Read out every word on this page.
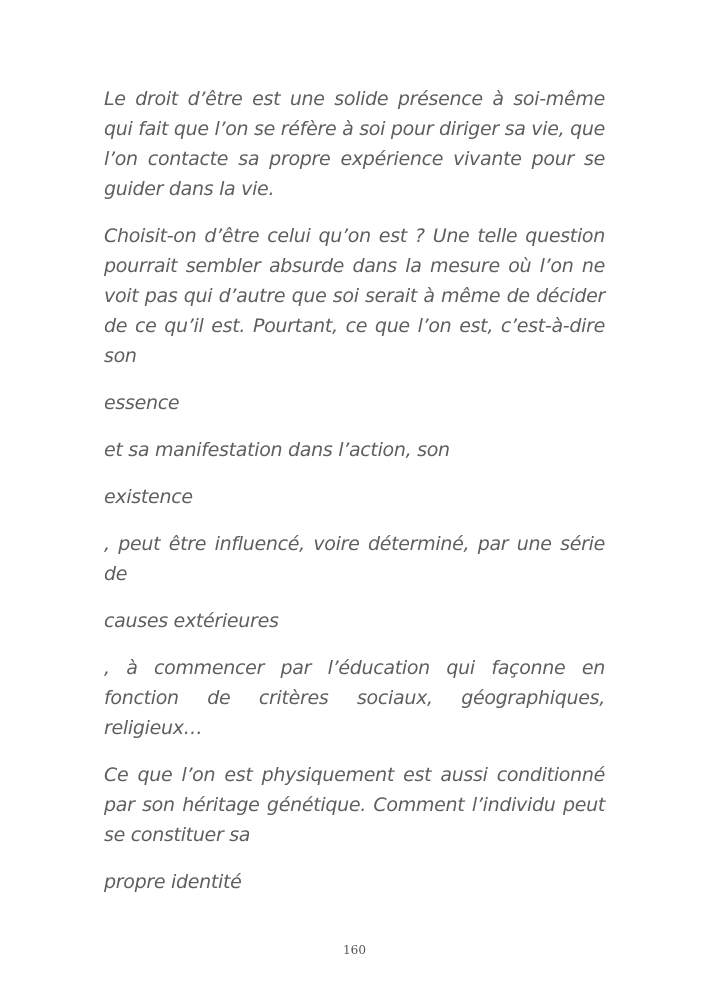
Le droit d’être est une solide présence à soi-même qui fait que l’on se réfère à soi pour diriger sa vie, que l’on contacte sa propre expérience vivante pour se guider dans la vie.

Choisit-on d’être celui qu’on est ? Une telle question pourrait sembler absurde dans la mesure où l’on ne voit pas qui d’autre que soi serait à même de décider de ce qu’il est. Pourtant, ce que l’on est, c’est-à-dire son

essence

et sa manifestation dans l’action, son

existence

, peut être influencé, voire déterminé, par une série de

causes extérieures

, à commencer par l’éducation qui façonne en fonction de critères sociaux, géographiques, religieux…

Ce que l’on est physiquement est aussi conditionné par son héritage génétique. Comment l’individu peut se constituer sa

propre identité

160
